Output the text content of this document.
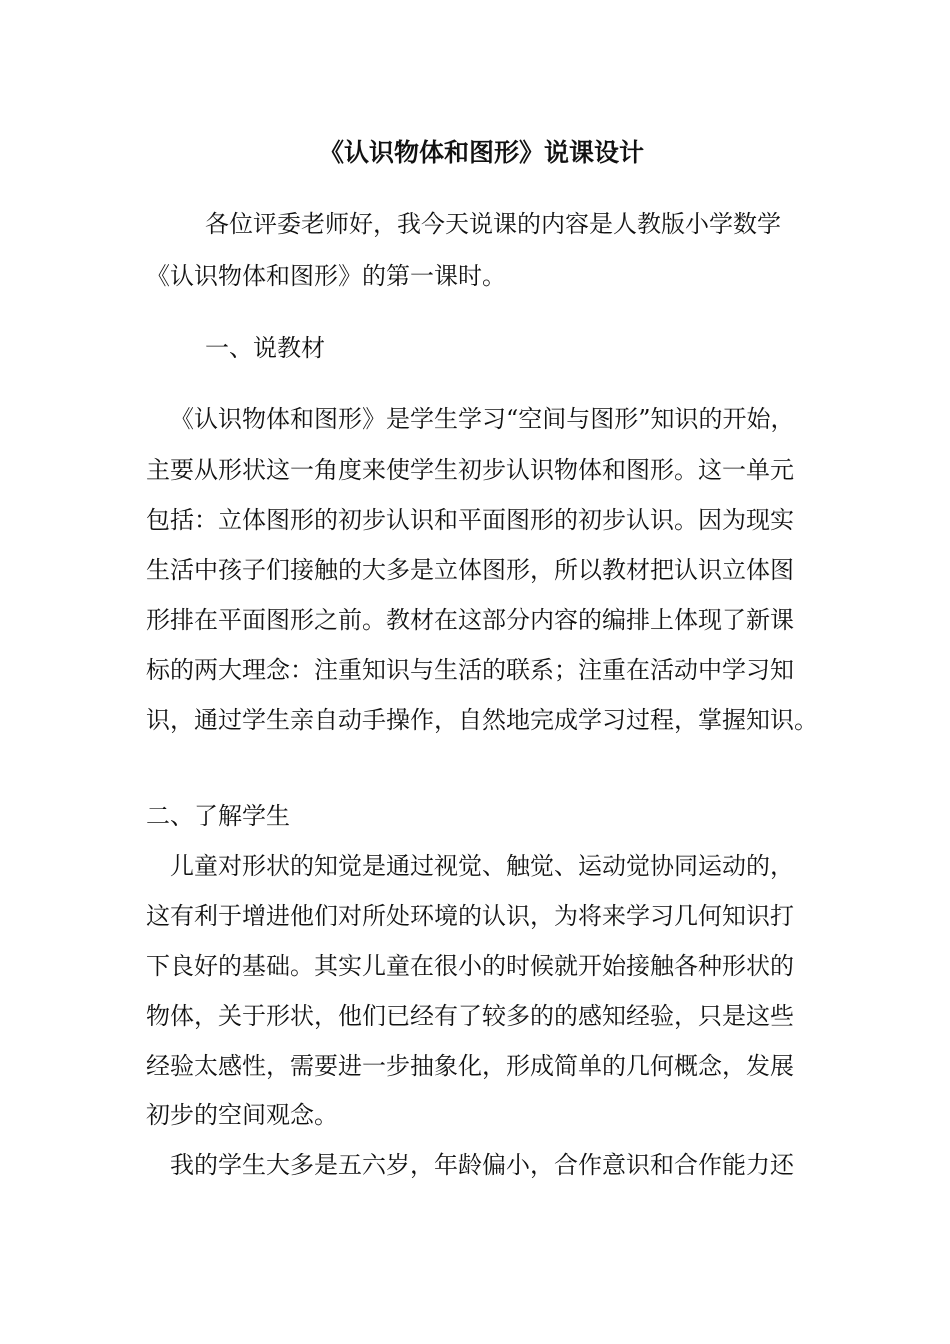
《认识物体和图形》说课设计
各位评委老师好，我今天说课的内容是人教版小学数学
《认识物体和图形》的第一课时。
一、说教材
《认识物体和图形》是学生学习“空间与图形”知识的开始，
主要从形状这一角度来使学生初步认识物体和图形。这一单元
包括：立体图形的初步认识和平面图形的初步认识。因为现实
生活中孩子们接触的大多是立体图形，所以教材把认识立体图
形排在平面图形之前。教材在这部分内容的编排上体现了新课
标的两大理念：注重知识与生活的联系；注重在活动中学习知
识，通过学生亲自动手操作，自然地完成学习过程，掌握知识。
二、了解学生
儿童对形状的知觉是通过视觉、触觉、运动觉协同运动的，
这有利于增进他们对所处环境的认识，为将来学习几何知识打
下良好的基础。其实儿童在很小的时候就开始接触各种形状的
物体，关于形状，他们已经有了较多的的感知经验，只是这些
经验太感性，需要进一步抽象化，形成简单的几何概念，发展
初步的空间观念。
我的学生大多是五六岁，年龄偏小，合作意识和合作能力还
